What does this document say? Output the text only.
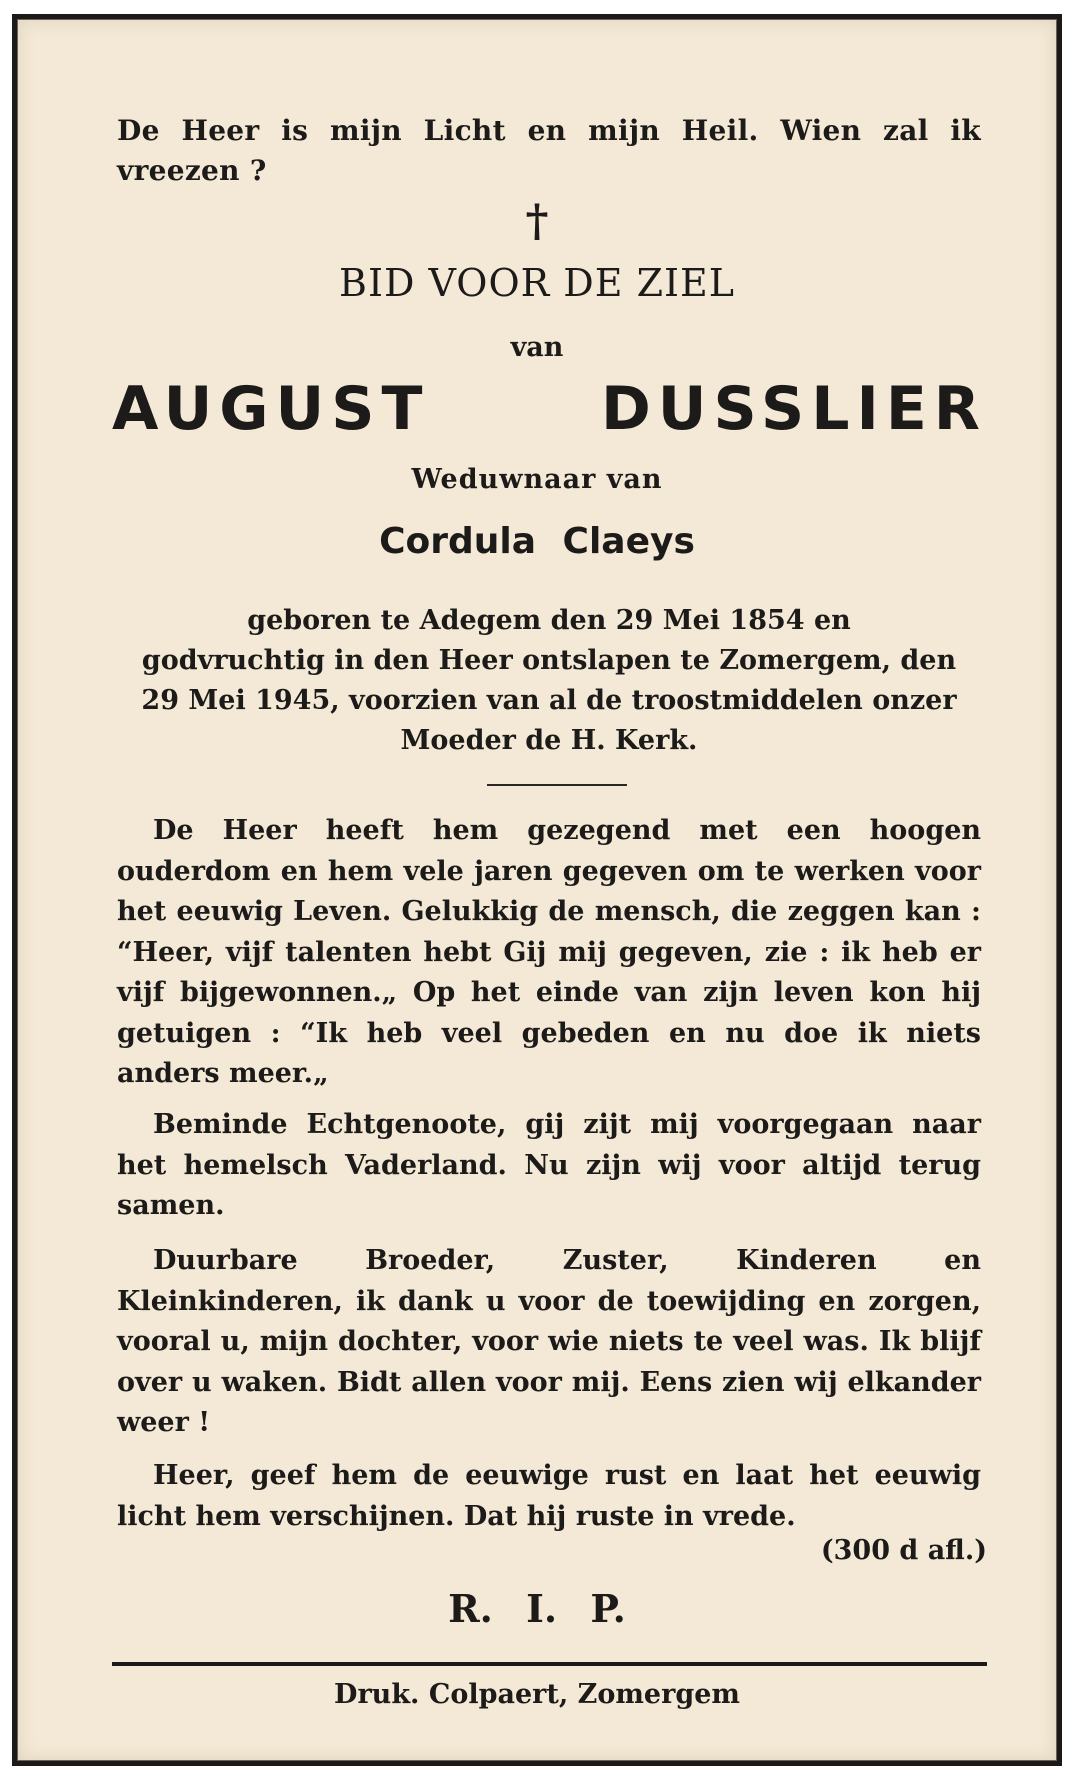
De Heer is mijn Licht en mijn Heil. Wien zal ik vreezen ?
†
BID VOOR DE ZIEL
van
AUGUST	DUSSLIER
Weduwnaar van
Cordula Claeys
geboren te Adegem den 29 Mei 1854 en
godvruchtig in den Heer ontslapen te Zomergem, den
29 Mei 1945, voorzien van al de troostmiddelen onzer
Moeder de H. Kerk.
De Heer heeft hem gezegend met een hoogen ouderdom en hem vele jaren gegeven om te werken voor het eeuwig Leven. Gelukkig de mensch, die zeggen kan : “Heer, vijf talenten hebt Gij mij gegeven, zie : ik heb er vijf bijgewonnen.„ Op het einde van zijn leven kon hij getuigen : “Ik heb veel gebeden en nu doe ik niets anders meer.„
Beminde Echtgenoote, gij zijt mij voorgegaan naar het hemelsch Vaderland. Nu zijn wij voor altijd terug samen.
Duurbare Broeder, Zuster, Kinderen en Kleinkinderen, ik dank u voor de toewijding en zorgen, vooral u, mijn dochter, voor wie niets te veel was. Ik blijf over u waken. Bidt allen voor mij. Eens zien wij elkander weer !
Heer, geef hem de eeuwige rust en laat het eeuwig licht hem verschijnen. Dat hij ruste in vrede.
(300 d afl.)
R. I. P.
Druk. Colpaert, Zomergem
